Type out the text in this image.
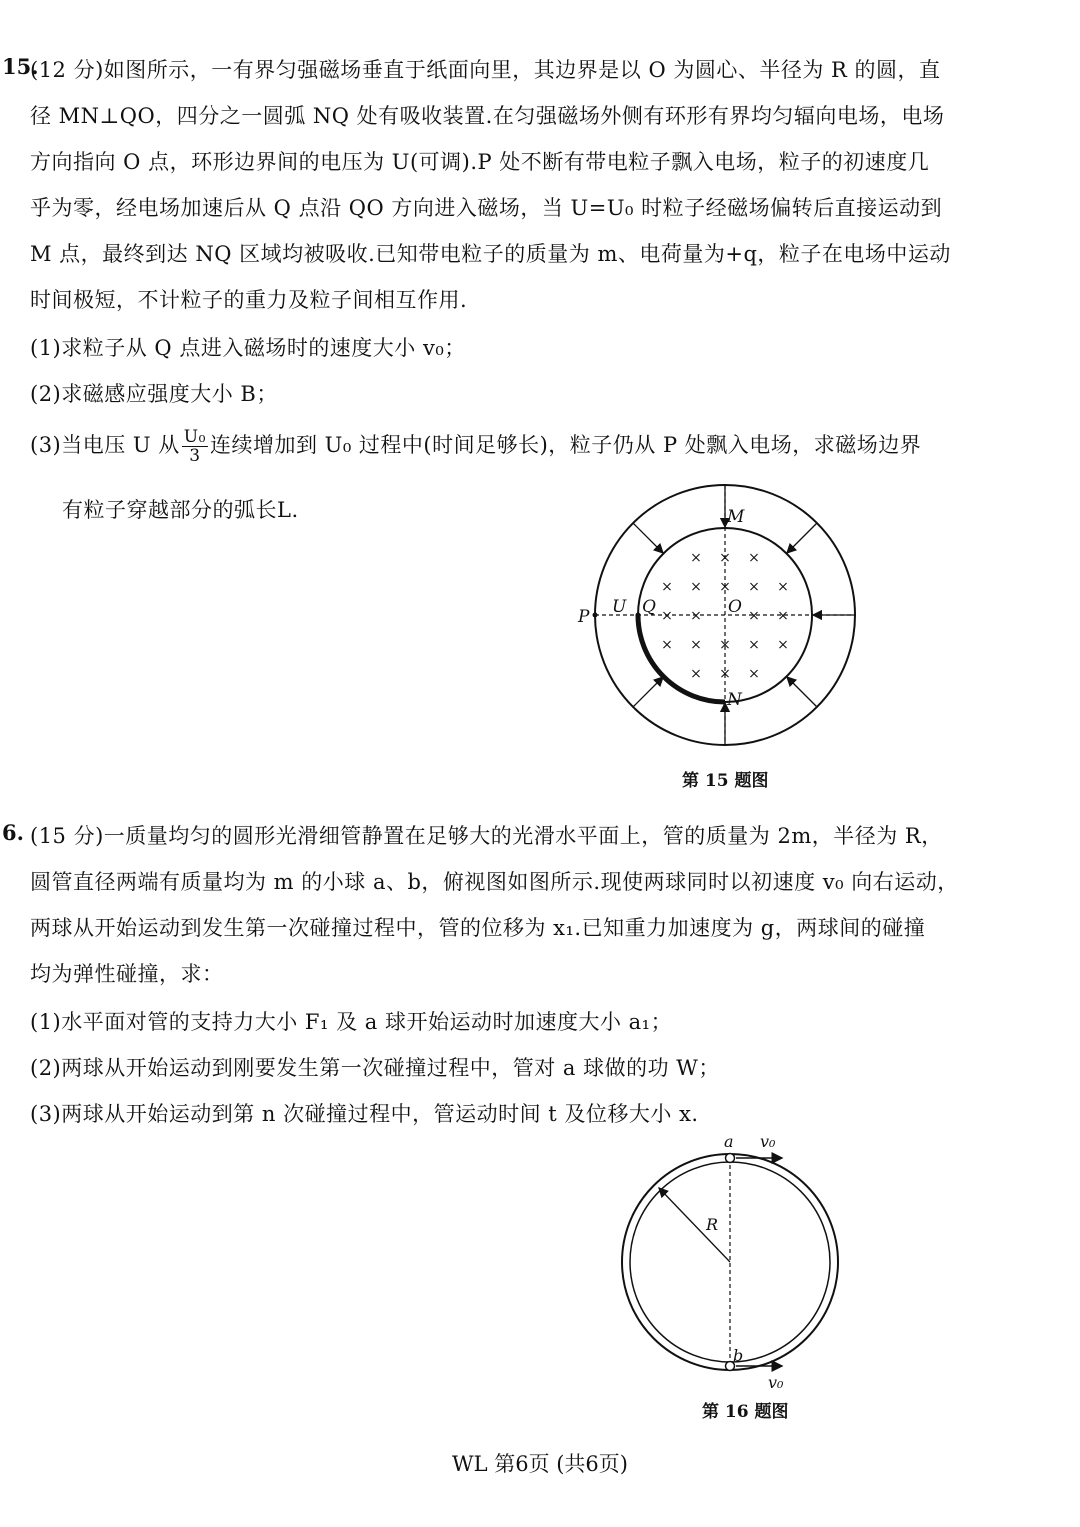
15.
(12 分)如图所示，一有界匀强磁场垂直于纸面向里，其边界是以 O 为圆心、半径为 R 的圆，直
径 MN⊥QO，四分之一圆弧 NQ 处有吸收装置.在匀强磁场外侧有环形有界均匀辐向电场，电场
方向指向 O 点，环形边界间的电压为 U(可调).P 处不断有带电粒子飘入电场，粒子的初速度几
乎为零，经电场加速后从 Q 点沿 QO 方向进入磁场，当 U=U₀ 时粒子经磁场偏转后直接运动到
M 点，最终到达 NQ 区域均被吸收.已知带电粒子的质量为 m、电荷量为+q，粒子在电场中运动
时间极短，不计粒子的重力及粒子间相互作用.
(1)求粒子从 Q 点进入磁场时的速度大小 v₀；
(2)求磁感应强度大小 B；
(3)当电压 U 从 $\frac{\text{U₀}}{3}$ 连续增加到 U₀ 过程中(时间足够长)，粒子仍从 P 处飘入电场，求磁场边界
有粒子穿越部分的弧长L.
×
×
×
×
×
×
×
×
×
×
×
×
×
×
×
×
×
×
×
×
M
N
O
P	Q
U
第 15 题图
6. (15 分)一质量均匀的圆形光滑细管静置在足够大的光滑水平面上，管的质量为 2m，半径为 R，
圆管直径两端有质量均为 m 的小球 a、b，俯视图如图所示.现使两球同时以初速度 v₀ 向右运动，
两球从开始运动到发生第一次碰撞过程中，管的位移为 x₁.已知重力加速度为 g，两球间的碰撞
均为弹性碰撞，求：
(1)水平面对管的支持力大小 F₁ 及 a 球开始运动时加速度大小 a₁；
(2)两球从开始运动到刚要发生第一次碰撞过程中，管对 a 球做的功 W；
(3)两球从开始运动到第 n 次碰撞过程中，管运动时间 t 及位移大小 x.
a v₀
b
v₀
R
第 16 题图
WL 第6页 (共6页)
